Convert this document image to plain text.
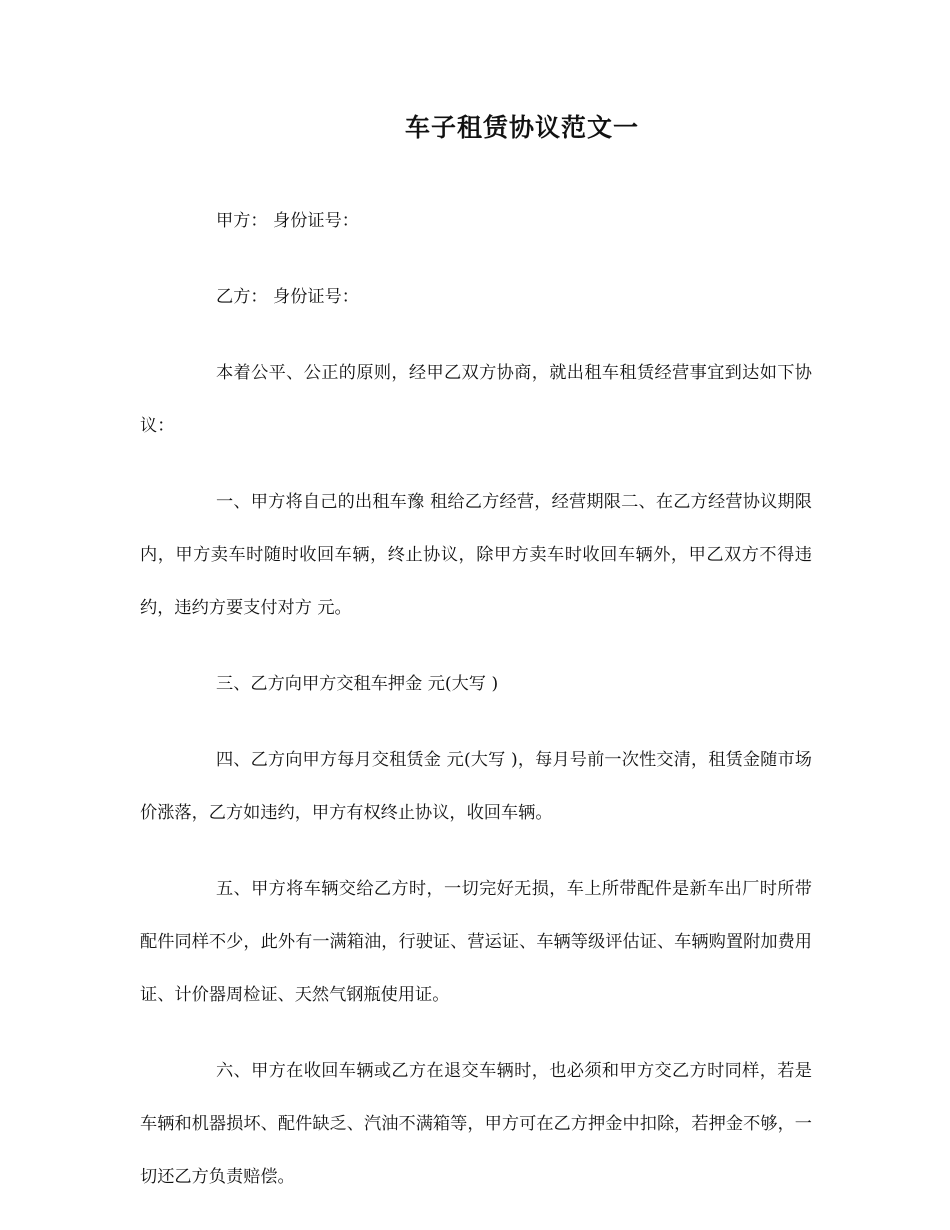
车子租赁协议范文一

甲方： 身份证号：

乙方： 身份证号：

本着公平、公正的原则，经甲乙双方协商，就出租车租赁经营事宜到达如下协议：

一、甲方将自己的出租车豫 租给乙方经营，经营期限二、在乙方经营协议期限内，甲方卖车时随时收回车辆，终止协议，除甲方卖车时收回车辆外，甲乙双方不得违约，违约方要支付对方 元。

三、乙方向甲方交租车押金 元(大写 )

四、乙方向甲方每月交租赁金 元(大写 )，每月号前一次性交清，租赁金随市场价涨落，乙方如违约，甲方有权终止协议，收回车辆。

五、甲方将车辆交给乙方时，一切完好无损，车上所带配件是新车出厂时所带配件同样不少，此外有一满箱油，行驶证、营运证、车辆等级评估证、车辆购置附加费用证、计价器周检证、天然气钢瓶使用证。

六、甲方在收回车辆或乙方在退交车辆时，也必须和甲方交乙方时同样，若是车辆和机器损坏、配件缺乏、汽油不满箱等，甲方可在乙方押金中扣除，若押金不够，一切还乙方负责赔偿。
